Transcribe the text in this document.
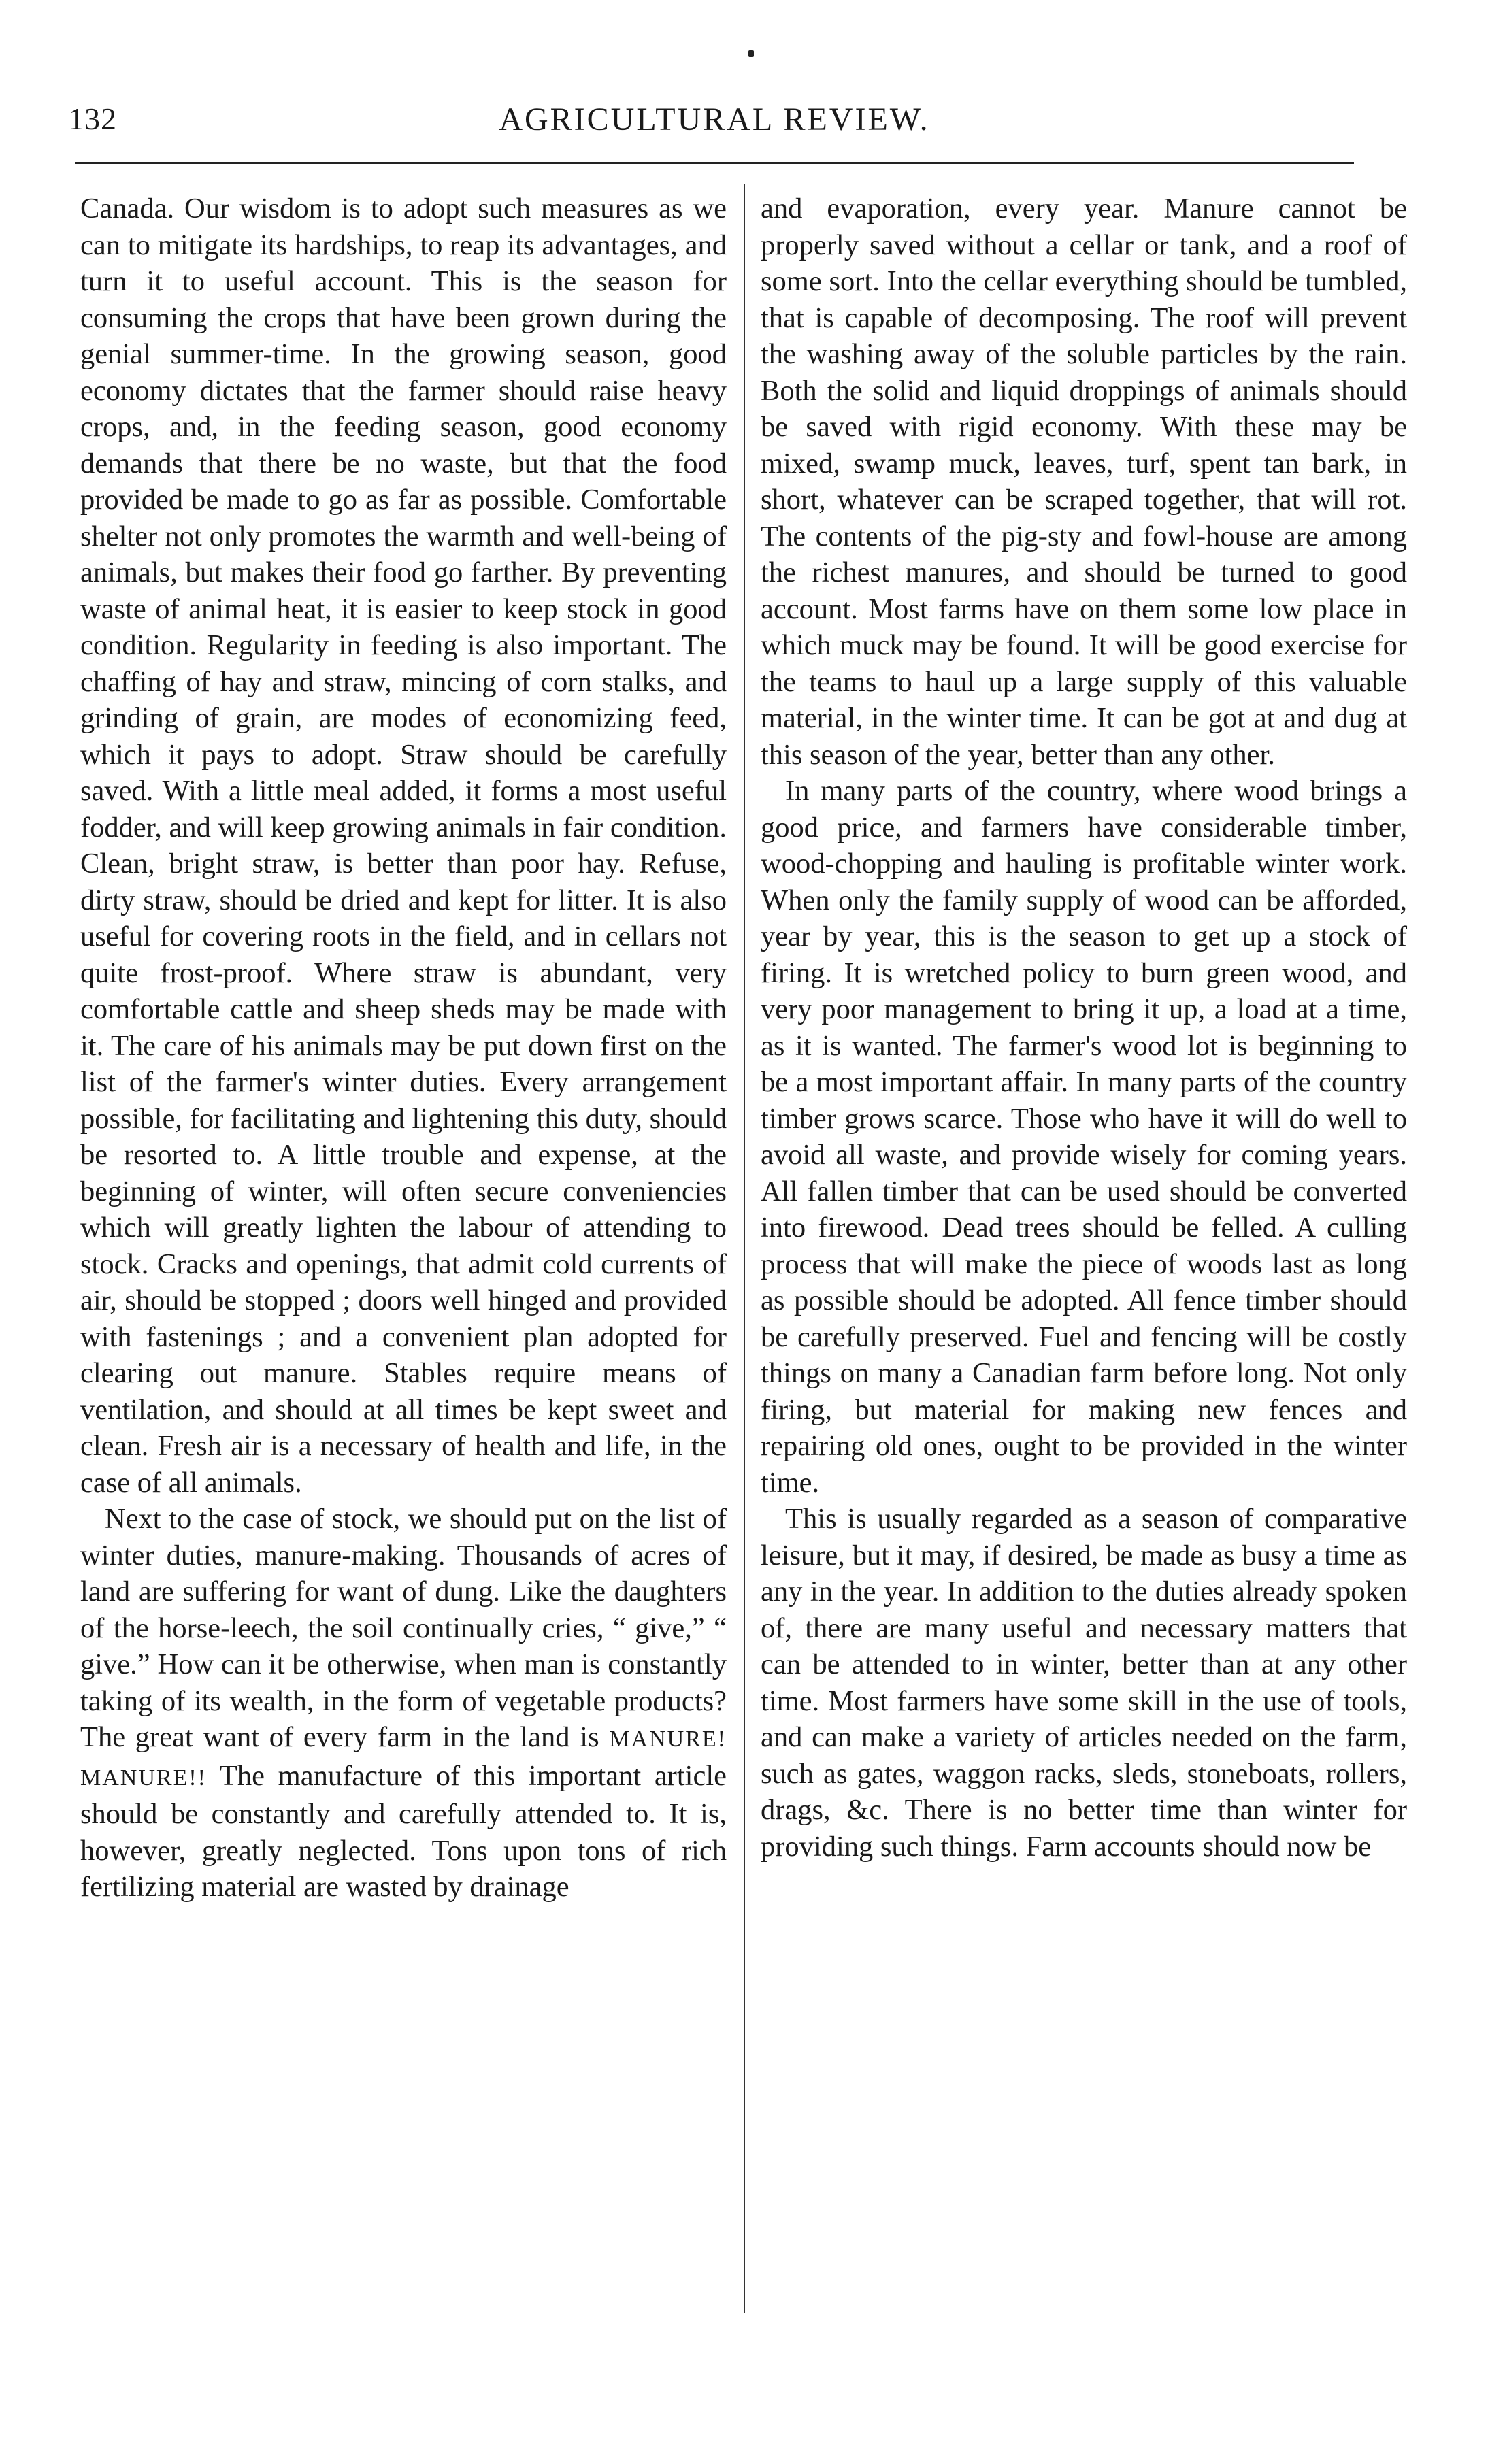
132	AGRICULTURAL REVIEW.

Canada. Our wisdom is to adopt such measures as we can to mitigate its hardships, to reap its advantages, and turn it to useful account. This is the season for consuming the crops that have been grown during the genial summer-time. In the growing season, good economy dictates that the farmer should raise heavy crops, and, in the feeding season, good economy demands that there be no waste, but that the food provided be made to go as far as possible. Comfortable shelter not only promotes the warmth and well-being of animals, but makes their food go farther. By preventing waste of animal heat, it is easier to keep stock in good condition. Regularity in feeding is also important. The chaffing of hay and straw, mincing of corn stalks, and grinding of grain, are modes of economizing feed, which it pays to adopt. Straw should be carefully saved. With a little meal added, it forms a most useful fodder, and will keep growing animals in fair condition. Clean, bright straw, is better than poor hay. Refuse, dirty straw, should be dried and kept for litter. It is also useful for covering roots in the field, and in cellars not quite frost-proof. Where straw is abundant, very comfortable cattle and sheep sheds may be made with it. The care of his animals may be put down first on the list of the farmer's winter duties. Every arrangement possible, for facilitating and lightening this duty, should be resorted to. A little trouble and expense, at the beginning of winter, will often secure conveniencies which will greatly lighten the labour of attending to stock. Cracks and openings, that admit cold currents of air, should be stopped ; doors well hinged and provided with fastenings ; and a convenient plan adopted for clearing out manure. Stables require means of ventilation, and should at all times be kept sweet and clean. Fresh air is a necessary of health and life, in the case of all animals.

Next to the case of stock, we should put on the list of winter duties, manure-making. Thousands of acres of land are suffering for want of dung. Like the daughters of the horse-leech, the soil continually cries, “ give,” “ give.” How can it be otherwise, when man is constantly taking of its wealth, in the form of vegetable products? The great want of every farm in the land is MANURE! MANURE!! The manufacture of this important article should be constantly and carefully attended to. It is, however, greatly neglected. Tons upon tons of rich fertilizing material are wasted by drainage

and evaporation, every year. Manure cannot be properly saved without a cellar or tank, and a roof of some sort. Into the cellar everything should be tumbled, that is capable of decomposing. The roof will prevent the washing away of the soluble particles by the rain. Both the solid and liquid droppings of animals should be saved with rigid economy. With these may be mixed, swamp muck, leaves, turf, spent tan bark, in short, whatever can be scraped together, that will rot. The contents of the pig-sty and fowl-house are among the richest manures, and should be turned to good account. Most farms have on them some low place in which muck may be found. It will be good exercise for the teams to haul up a large supply of this valuable material, in the winter time. It can be got at and dug at this season of the year, better than any other.

In many parts of the country, where wood brings a good price, and farmers have considerable timber, wood-chopping and hauling is profitable winter work. When only the family supply of wood can be afforded, year by year, this is the season to get up a stock of firing. It is wretched policy to burn green wood, and very poor management to bring it up, a load at a time, as it is wanted. The farmer's wood lot is beginning to be a most important affair. In many parts of the country timber grows scarce. Those who have it will do well to avoid all waste, and provide wisely for coming years. All fallen timber that can be used should be converted into firewood. Dead trees should be felled. A culling process that will make the piece of woods last as long as possible should be adopted. All fence timber should be carefully preserved. Fuel and fencing will be costly things on many a Canadian farm before long. Not only firing, but material for making new fences and repairing old ones, ought to be provided in the winter time.

This is usually regarded as a season of comparative leisure, but it may, if desired, be made as busy a time as any in the year. In addition to the duties already spoken of, there are many useful and necessary matters that can be attended to in winter, better than at any other time. Most farmers have some skill in the use of tools, and can make a variety of articles needed on the farm, such as gates, waggon racks, sleds, stoneboats, rollers, drags, &c. There is no better time than winter for providing such things. Farm accounts should now be
